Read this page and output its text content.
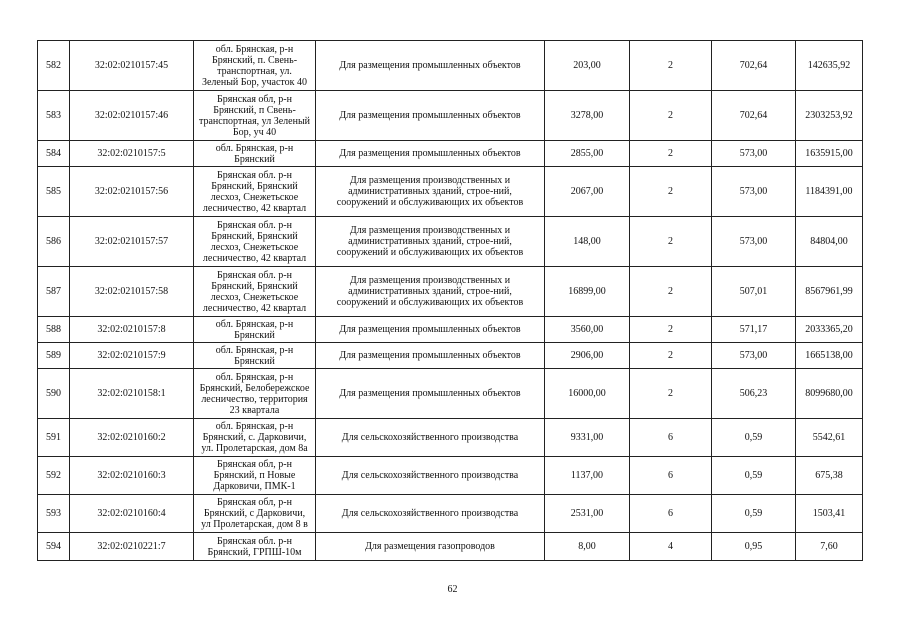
582	32:02:0210157:45	обл. Брянская, р-н
Брянский, п. Свень-
транспортная, ул.
Зеленый Бор, участок 40	Для размещения промышленных объектов	203,00	2	702,64	142635,92
583	32:02:0210157:46	Брянская обл, р-н
Брянский, п Свень-
транспортная, ул Зеленый
Бор, уч 40	Для размещения промышленных объектов	3278,00	2	702,64	2303253,92
584	32:02:0210157:5	обл. Брянская, р-н
Брянский	Для размещения промышленных объектов	2855,00	2	573,00	1635915,00
585	32:02:0210157:56	Брянская обл. р-н
Брянский, Брянский
лесхоз, Снежетьское
лесничество, 42 квартал	Для размещения производственных и
административных зданий, строе-ний,
сооружений и обслуживающих их объектов	2067,00	2	573,00	1184391,00
586	32:02:0210157:57	Брянская обл. р-н
Брянский, Брянский
лесхоз, Снежетьское
лесничество, 42 квартал	Для размещения производственных и
административных зданий, строе-ний,
сооружений и обслуживающих их объектов	148,00	2	573,00	84804,00
587	32:02:0210157:58	Брянская обл. р-н
Брянский, Брянский
лесхоз, Снежетьское
лесничество, 42 квартал	Для размещения производственных и
административных зданий, строе-ний,
сооружений и обслуживающих их объектов	16899,00	2	507,01	8567961,99
588	32:02:0210157:8	обл. Брянская, р-н
Брянский	Для размещения промышленных объектов	3560,00	2	571,17	2033365,20
589	32:02:0210157:9	обл. Брянская, р-н
Брянский	Для размещения промышленных объектов	2906,00	2	573,00	1665138,00
590	32:02:0210158:1	обл. Брянская, р-н
Брянский, Белобережское
лесничество, территория
23 квартала	Для размещения промышленных объектов	16000,00	2	506,23	8099680,00
591	32:02:0210160:2	обл. Брянская, р-н
Брянский, с. Дарковичи,
ул. Пролетарская, дом 8а	Для сельскохозяйственного производства	9331,00	6	0,59	5542,61
592	32:02:0210160:3	Брянская обл, р-н
Брянский, п Новые
Дарковичи, ПМК-1	Для сельскохозяйственного производства	1137,00	6	0,59	675,38
593	32:02:0210160:4	Брянская обл, р-н
Брянский, с Дарковичи,
ул Пролетарская, дом 8 в	Для сельскохозяйственного производства	2531,00	6	0,59	1503,41
594	32:02:0210221:7	Брянская обл. р-н
Брянский, ГРПШ-10м	Для размещения газопроводов	8,00	4	0,95	7,60
62
